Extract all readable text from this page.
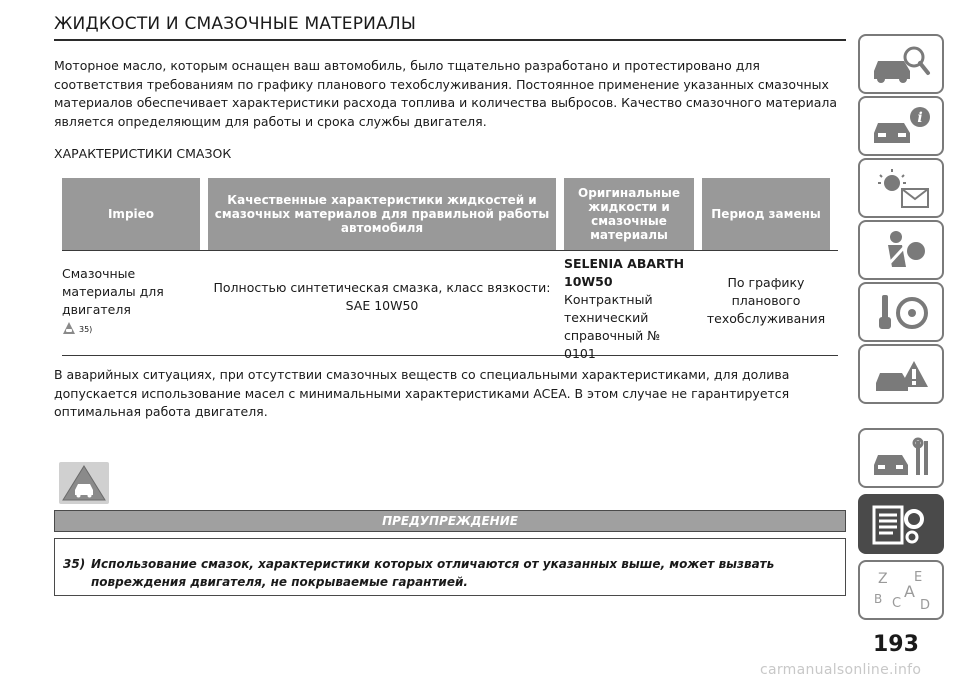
ЖИДКОСТИ И СМАЗОЧНЫЕ МАТЕРИАЛЫ

Моторное масло, которым оснащен ваш автомобиль, было тщательно разработано и протестировано для соответствия требованиям по графику планового техобслуживания. Постоянное применение указанных смазочных материалов обеспечивает характеристики расхода топлива и количества выбросов. Качество смазочного материала является определяющим для работы и срока службы двигателя.

ХАРАКТЕРИСТИКИ СМАЗОК
Impieo
Качественные характеристики жидкостей и смазочных материалов для правильной работы автомобиля
Оригинальные жидкости и смазочные материалы
Период замены
Смазочные материалы для двигателя
35)
Полностью синтетическая смазка, класс вязкости: SAE 10W50
SELENIA ABARTH 10W50
Контрактный технический справочный № 0101
По графику планового техобслуживания

В аварийных ситуациях, при отсутствии смазочных веществ со специальными характеристиками, для долива допускается использование масел с минимальными характеристиками ACEA. В этом случае не гарантируется оптимальная работа двигателя.

ПРЕДУПРЕЖДЕНИЕ
35) Использование смазок, характеристики которых отличаются от указанных выше, может вызвать повреждения двигателя, не покрываемые гарантией.
i
Z E
A
B C D
193
carmanualsonline.info
